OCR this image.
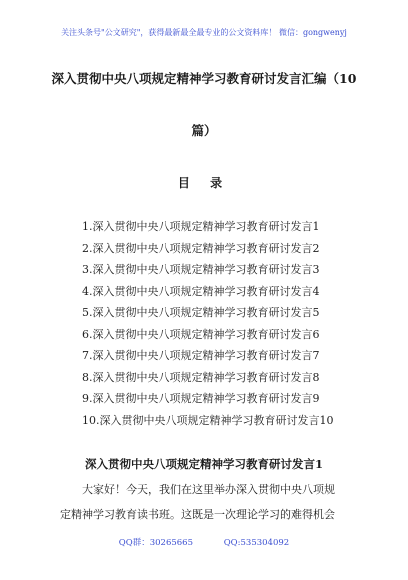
关注头条号"公文研究"，获得最新最全最专业的公文资料库！ 微信：gongwenyj
深入贯彻中央八项规定精神学习教育研讨发言汇编（10
篇）
目 录
1.深入贯彻中央八项规定精神学习教育研讨发言1
2.深入贯彻中央八项规定精神学习教育研讨发言2
3.深入贯彻中央八项规定精神学习教育研讨发言3
4.深入贯彻中央八项规定精神学习教育研讨发言4
5.深入贯彻中央八项规定精神学习教育研讨发言5
6.深入贯彻中央八项规定精神学习教育研讨发言6
7.深入贯彻中央八项规定精神学习教育研讨发言7
8.深入贯彻中央八项规定精神学习教育研讨发言8
9.深入贯彻中央八项规定精神学习教育研讨发言9
10.深入贯彻中央八项规定精神学习教育研讨发言10
深入贯彻中央八项规定精神学习教育研讨发言1
大家好！今天，我们在这里举办深入贯彻中央八项规
定精神学习教育读书班。这既是一次理论学习的难得机会
QQ群：30265665	QQ:535304092
